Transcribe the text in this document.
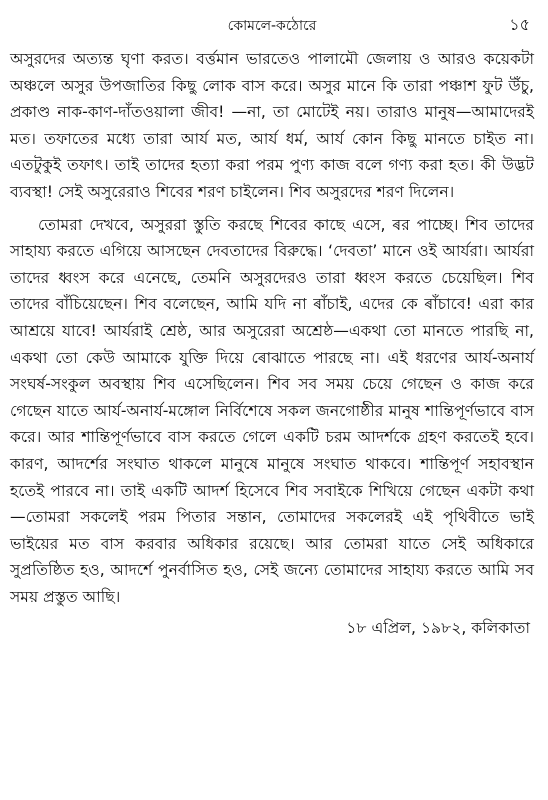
কোমলে-কঠোরে	১৫

অসুরদের অত্যন্ত ঘৃণা করত। বর্ত্তমান ভারতেও পালামৌ জেলায় ও আরও কয়েকটা অঞ্চলে অসুর উপজাতির কিছু লোক বাস করে। অসুর মানে কি তারা পঞ্চাশ ফুট উঁচু, প্রকাণ্ড নাক-কাণ-দাঁতওয়ালা জীব! —না, তা মোটেই নয়। তারাও মানুষ—আমাদেরই মত। তফাতের মধ্যে তারা আর্য মত, আর্য ধর্ম, আর্য কোন কিছু মানতে চাইত না। এতটুকুই তফাৎ। তাই তাদের হত্যা করা পরম পুণ্য কাজ বলে গণ্য করা হত। কী উদ্ভট ব্যবস্থা! সেই অসুরেরাও শিবের শরণ চাইলেন। শিব অসুরদের শরণ দিলেন।

তোমরা দেখবে, অসুররা স্তুতি করছে শিবের কাছে এসে, ৰর পাচ্ছে। শিব তাদের সাহায্য করতে এগিয়ে আসছেন দেবতাদের বিরুদ্ধে। ‘দেবতা’ মানে ওই আর্যরা। আর্যরা তাদের ধ্বংস করে এনেছে, তেমনি অসুরদেরও তারা ধ্বংস করতে চেয়েছিল। শিব তাদের বাঁচিয়েছেন। শিব বলেছেন, আমি যদি না ৰাঁচাই, এদের কে ৰাঁচাবে! এরা কার আশ্রয়ে যাবে! আর্যরাই শ্রেষ্ঠ, আর অসুরেরা অশ্রেষ্ঠ—একথা তো মানতে পারছি না, একথা তো কেউ আমাকে যুক্তি দিয়ে ৰোঝাতে পারছে না। এই ধরণের আর্য-অনার্য সংঘর্ষ-সংকুল অবস্থায় শিব এসেছিলেন। শিব সব সময় চেয়ে গেছেন ও কাজ করে গেছেন যাতে আর্য-অনার্য-মঙ্গোল নির্বিশেষে সকল জনগোষ্ঠীর মানুষ শান্তিপূর্ণভাবে বাস করে। আর শান্তিপূর্ণভাবে বাস করতে গেলে একটি চরম আদর্শকে গ্রহণ করতেই হবে। কারণ, আদর্শের সংঘাত থাকলে মানুষে মানুষে সংঘাত থাকবে। শান্তিপূর্ণ সহাবস্থান হতেই পারবে না। তাই একটি আদর্শ হিসেবে শিব সবাইকে শিখিয়ে গেছেন একটা কথা—তোমরা সকলেই পরম পিতার সন্তান, তোমাদের সকলেরই এই পৃথিবীতে ভাই ভাইয়ের মত বাস করবার অধিকার রয়েছে। আর তোমরা যাতে সেই অধিকারে সুপ্রতিষ্ঠিত হও, আদর্শে পুনর্বাসিত হও, সেই জন্যে তোমাদের সাহায্য করতে আমি সব সময় প্রস্তুত আছি।

১৮ এপ্রিল, ১৯৮২, কলিকাতা
